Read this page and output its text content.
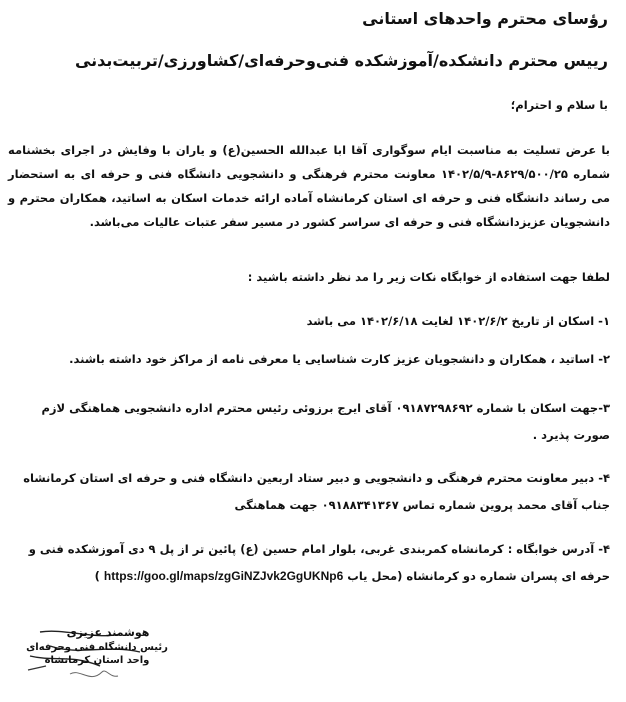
رؤسای محترم واحدهای استانی
رییس محترم دانشکده/آموزشکده فنی‌وحرفه‌ای/کشاورزی/تربیت‌بدنی
با سلام و احترام؛
با عرض تسلیت به مناسبت ایام سوگواری آقا ابا عبدالله الحسین(ع) و یاران با وفایش در اجرای بخشنامه شماره ۸۶۲۹/۵۰۰/۲۵-۱۴۰۲/۵/۹ معاونت محترم فرهنگی و دانشجویی دانشگاه فنی و حرفه ای به استحضار می رساند دانشگاه فنی و حرفه ای استان کرمانشاه آماده ارائه خدمات اسکان به اساتید، همکاران محترم و دانشجویان عزیزدانشگاه فنی و حرفه ای سراسر کشور در مسیر سفر عتبات عالیات می‌باشد.
لطفا جهت استفاده از خوابگاه نکات زیر را مد نظر داشته باشید :
۱- اسکان از تاریخ ۱۴۰۲/۶/۲ لغایت ۱۴۰۲/۶/۱۸ می باشد
۲- اساتید ، همکاران و دانشجویان عزیز کارت شناسایی یا معرفی نامه از مراکز خود داشته باشند.
۳-جهت اسکان با شماره ۰۹۱۸۷۲۹۸۶۹۲ آقای ایرج برزوئی رئیس محترم اداره دانشجویی هماهنگی لازم صورت پذیرد .
۴- دبیر معاونت محترم فرهنگی و دانشجویی و دبیر ستاد اربعین دانشگاه فنی و حرفه ای استان کرمانشاه جناب آقای محمد پروین شماره تماس ۰۹۱۸۸۳۴۱۳۶۷ جهت هماهنگی
۴- آدرس خوابگاه : کرمانشاه کمربندی غربی، بلوار امام حسین (ع) پائین تر از پل ۹ دی آموزشکده فنی و حرفه ای پسران شماره دو کرمانشاه (محل یاب https://goo.gl/maps/zgGiNZJvk2GgUKNp6 )
هوشمند عزیزی
رئیس دانشگاه فنی وحرفه‌ای
واحد استان کرمانشاه
